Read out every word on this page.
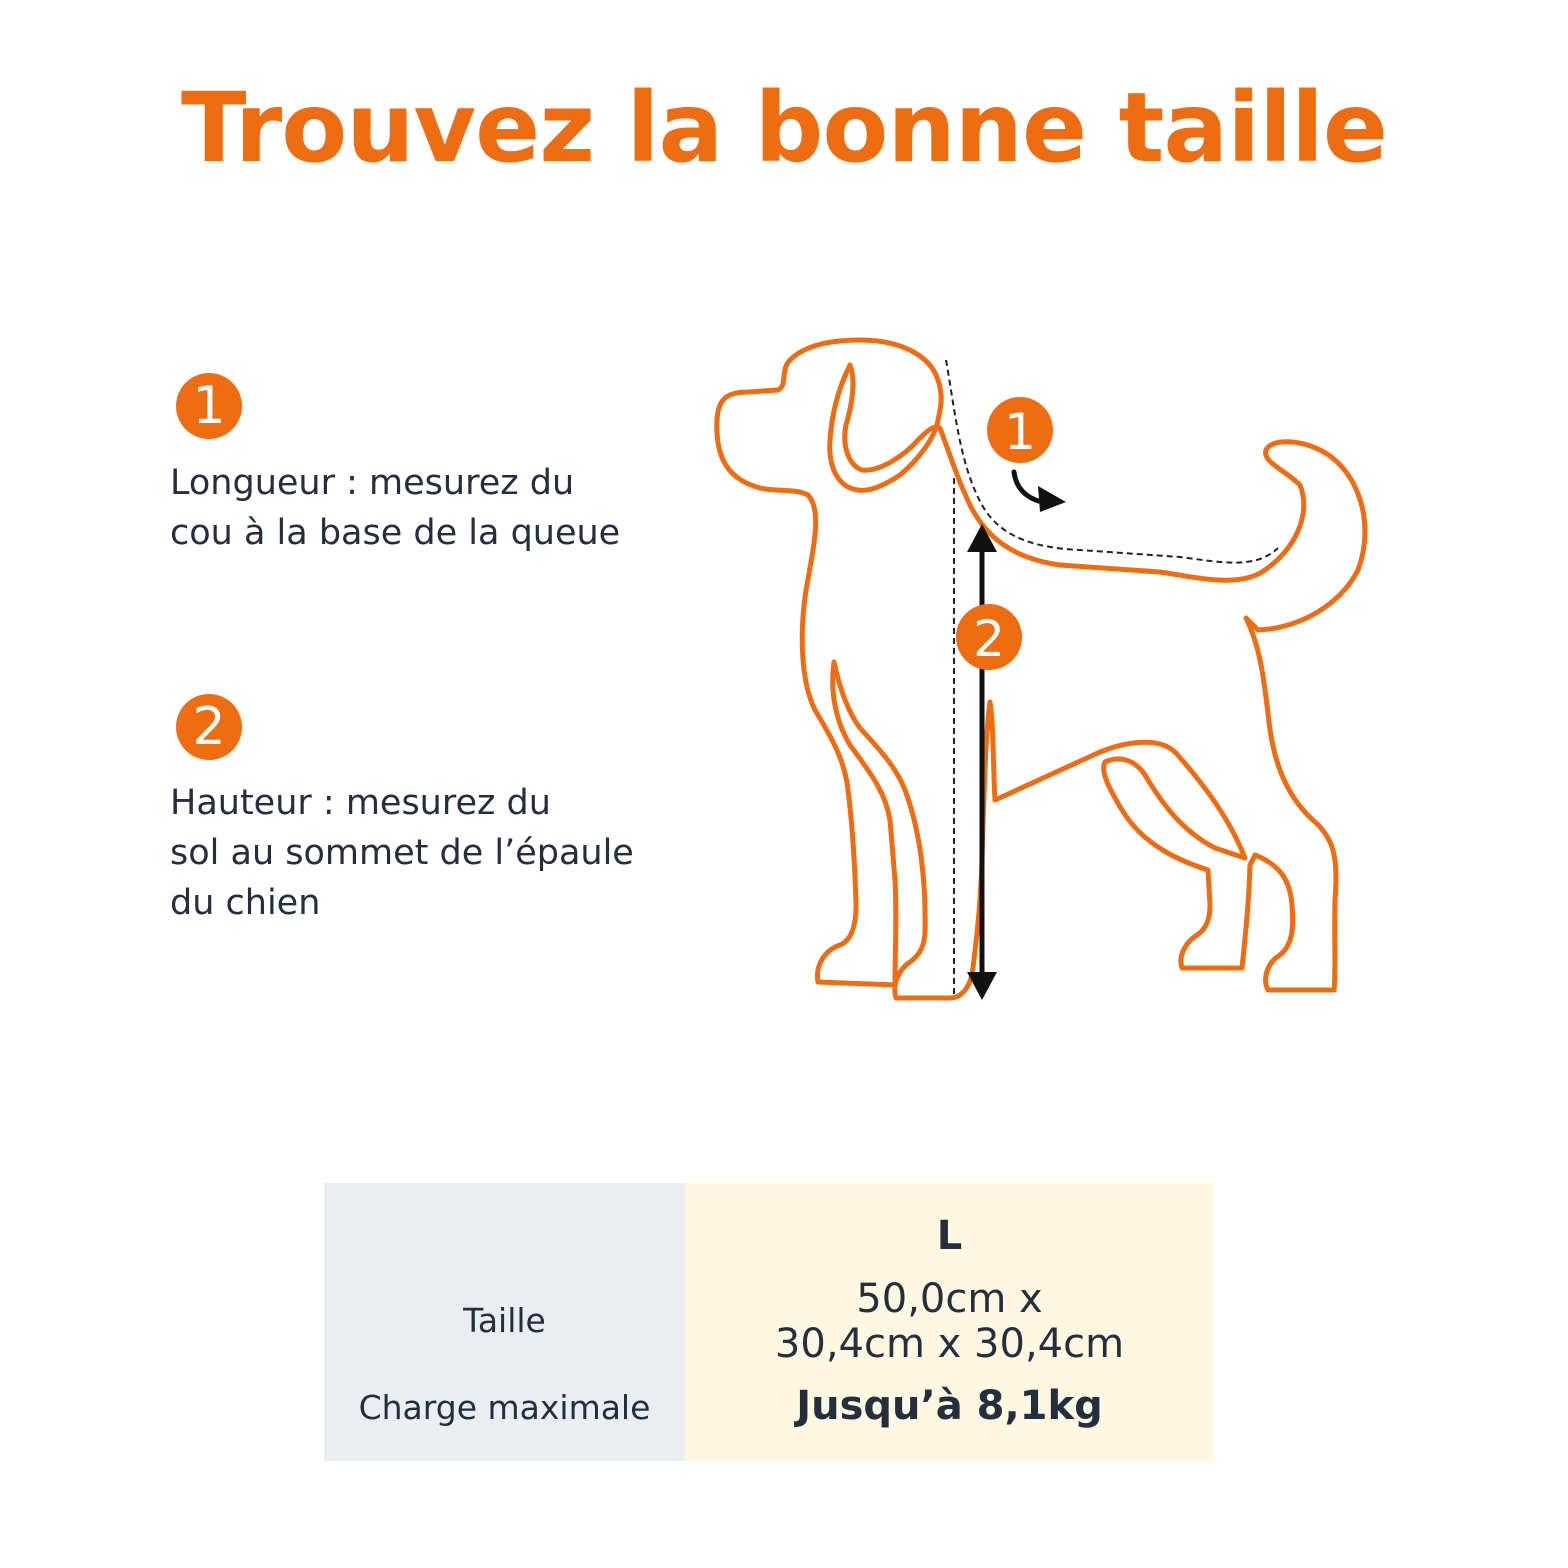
Trouvez la bonne taille
1
Longueur : mesurez du
cou à la base de la queue
2
Hauteur : mesurez du
sol au sommet de l’épaule
du chien
1
2
Taille
Charge maximale
L
50,0cm x
30,4cm x 30,4cm
Jusqu’à 8,1kg
